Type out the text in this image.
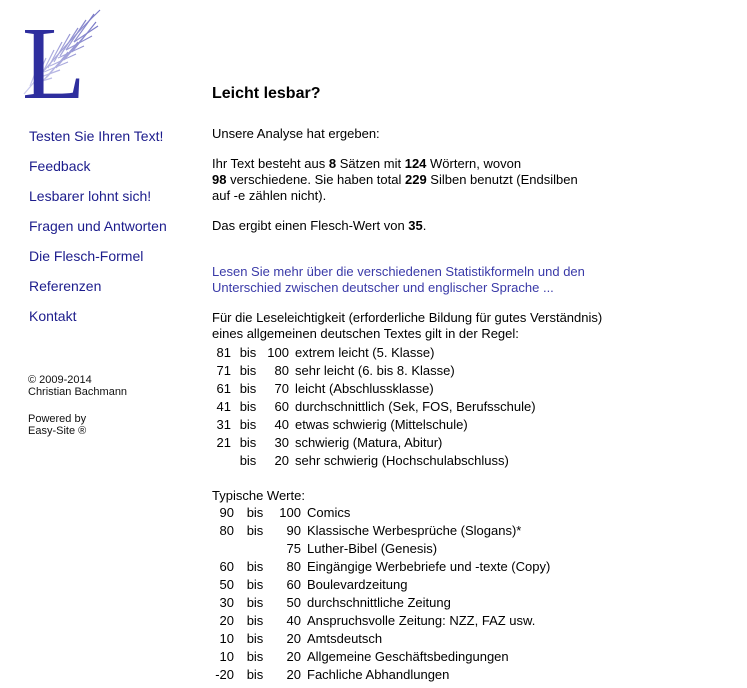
L
Testen Sie Ihren Text!
Feedback
Lesbarer lohnt sich!
Fragen und Antworten
Die Flesch-Formel
Referenzen
Kontakt

© 2009-2014
Christian Bachmann

Powered by
Easy-Site ®

Leicht lesbar?

Unsere Analyse hat ergeben:

Ihr Text besteht aus 8 Sätzen mit 124 Wörtern, wovon
98 verschiedene. Sie haben total 229 Silben benutzt (Endsilben
auf -e zählen nicht).

Das ergibt einen Flesch-Wert von 35.

Lesen Sie mehr über die verschiedenen Statistikformeln und den Unterschied zwischen deutscher und englischer Sprache ...

Für die Leseleichtigkeit (erforderliche Bildung für gutes Verständnis)
eines allgemeinen deutschen Textes gilt in der Regel:

81	bis	100	extrem leicht (5. Klasse)
71	bis	80	sehr leicht (6. bis 8. Klasse)
61	bis	70	leicht (Abschlussklasse)
41	bis	60	durchschnittlich (Sek, FOS, Berufsschule)
31	bis	40	etwas schwierig (Mittelschule)
21	bis	30	schwierig (Matura, Abitur)
	bis	20	sehr schwierig (Hochschulabschluss)

Typische Werte:

90	bis	100	Comics
80	bis	90	Klassische Werbesprüche (Slogans)*
		75	Luther-Bibel (Genesis)
60	bis	80	Eingängige Werbebriefe und -texte (Copy)
50	bis	60	Boulevardzeitung
30	bis	50	durchschnittliche Zeitung
20	bis	40	Anspruchsvolle Zeitung: NZZ, FAZ usw.
10	bis	20	Amtsdeutsch
10	bis	20	Allgemeine Geschäftsbedingungen
-20	bis	20	Fachliche Abhandlungen
